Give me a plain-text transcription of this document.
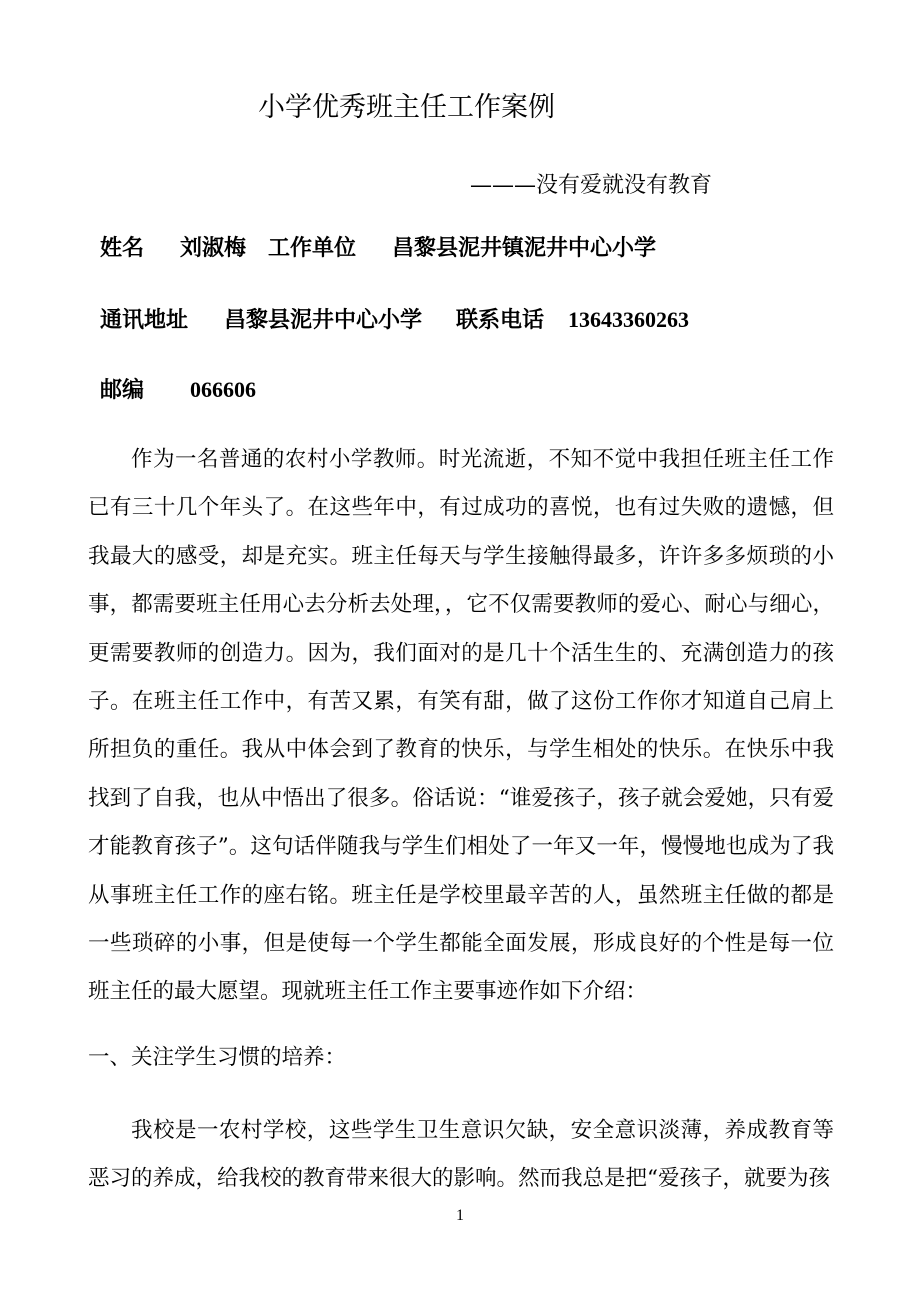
小学优秀班主任工作案例
———没有爱就没有教育
姓名 刘淑梅 工作单位 昌黎县泥井镇泥井中心小学
通讯地址 昌黎县泥井中心小学 联系电话 13643360263
邮编 066606

作为一名普通的农村小学教师。时光流逝，不知不觉中我担任班主任工作已有三十几个年头了。在这些年中，有过成功的喜悦，也有过失败的遗憾，但我最大的感受，却是充实。班主任每天与学生接触得最多，许许多多烦琐的小事，都需要班主任用心去分析去处理，，它不仅需要教师的爱心、耐心与细心，更需要教师的创造力。因为，我们面对的是几十个活生生的、充满创造力的孩子。在班主任工作中，有苦又累，有笑有甜，做了这份工作你才知道自己肩上所担负的重任。我从中体会到了教育的快乐，与学生相处的快乐。在快乐中我找到了自我，也从中悟出了很多。俗话说：“谁爱孩子，孩子就会爱她，只有爱才能教育孩子”。这句话伴随我与学生们相处了一年又一年，慢慢地也成为了我从事班主任工作的座右铭。班主任是学校里最辛苦的人，虽然班主任做的都是一些琐碎的小事，但是使每一个学生都能全面发展，形成良好的个性是每一位班主任的最大愿望。现就班主任工作主要事迹作如下介绍：

一、关注学生习惯的培养：

我校是一农村学校，这些学生卫生意识欠缺，安全意识淡薄，养成教育等恶习的养成，给我校的教育带来很大的影响。然而我总是把“爱孩子，就要为孩

1
